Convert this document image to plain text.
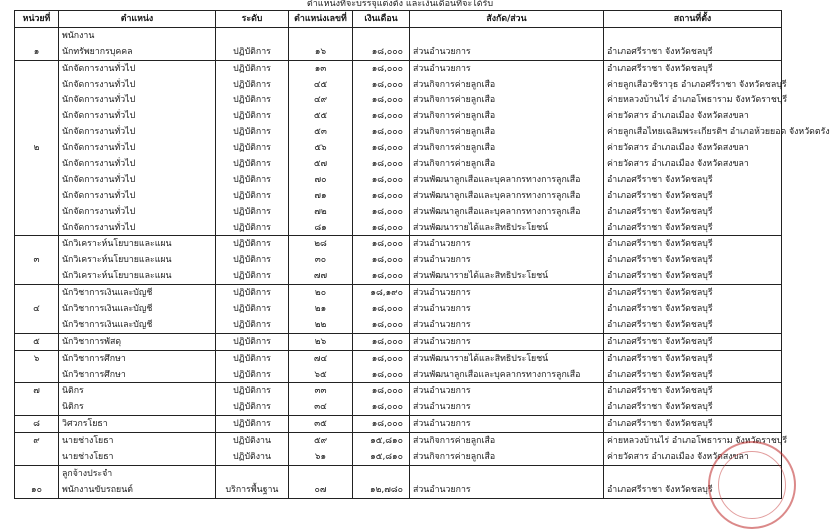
ตำแหน่งที่จะบรรจุแต่งตั้ง และเงินเดือนที่จะได้รับ
หน่วยที่	ตำแหน่ง	ระดับ	ตำแหน่งเลขที่	เงินเดือน	สังกัด/ส่วน	สถานที่ตั้ง
	พนักงาน					
๑	นักทรัพยากรบุคคล	ปฏิบัติการ	๑๖	๑๘,๐๐๐	ส่วนอำนวยการ	อำเภอศรีราชา จังหวัดชลบุรี
	นักจัดการงานทั่วไป	ปฏิบัติการ	๑๓	๑๘,๐๐๐	ส่วนอำนวยการ	อำเภอศรีราชา จังหวัดชลบุรี
	นักจัดการงานทั่วไป	ปฏิบัติการ	๔๕	๑๘,๐๐๐	ส่วนกิจการค่ายลูกเสือ	ค่ายลูกเสือวชิราวุธ อำเภอศรีราชา จังหวัดชลบุรี
	นักจัดการงานทั่วไป	ปฏิบัติการ	๔๙	๑๘,๐๐๐	ส่วนกิจการค่ายลูกเสือ	ค่ายหลวงบ้านไร่ อำเภอโพธาราม จังหวัดราชบุรี
	นักจัดการงานทั่วไป	ปฏิบัติการ	๕๕	๑๘,๐๐๐	ส่วนกิจการค่ายลูกเสือ	ค่ายวัดสาร อำเภอเมือง จังหวัดสงขลา
	นักจัดการงานทั่วไป	ปฏิบัติการ	๕๓	๑๘,๐๐๐	ส่วนกิจการค่ายลูกเสือ	ค่ายลูกเสือไทยเฉลิมพระเกียรติฯ อำเภอห้วยยอด จังหวัดตรัง
๒	นักจัดการงานทั่วไป	ปฏิบัติการ	๕๖	๑๘,๐๐๐	ส่วนกิจการค่ายลูกเสือ	ค่ายวัดสาร อำเภอเมือง จังหวัดสงขลา
	นักจัดการงานทั่วไป	ปฏิบัติการ	๕๗	๑๘,๐๐๐	ส่วนกิจการค่ายลูกเสือ	ค่ายวัดสาร อำเภอเมือง จังหวัดสงขลา
	นักจัดการงานทั่วไป	ปฏิบัติการ	๗๐	๑๘,๐๐๐	ส่วนพัฒนาลูกเสือและบุคลากรทางการลูกเสือ	อำเภอศรีราชา จังหวัดชลบุรี
	นักจัดการงานทั่วไป	ปฏิบัติการ	๗๑	๑๘,๐๐๐	ส่วนพัฒนาลูกเสือและบุคลากรทางการลูกเสือ	อำเภอศรีราชา จังหวัดชลบุรี
	นักจัดการงานทั่วไป	ปฏิบัติการ	๗๒	๑๘,๐๐๐	ส่วนพัฒนาลูกเสือและบุคลากรทางการลูกเสือ	อำเภอศรีราชา จังหวัดชลบุรี
	นักจัดการงานทั่วไป	ปฏิบัติการ	๘๑	๑๘,๐๐๐	ส่วนพัฒนารายได้และสิทธิประโยชน์	อำเภอศรีราชา จังหวัดชลบุรี
	นักวิเคราะห์นโยบายและแผน	ปฏิบัติการ	๒๘	๑๘,๐๐๐	ส่วนอำนวยการ	อำเภอศรีราชา จังหวัดชลบุรี
๓	นักวิเคราะห์นโยบายและแผน	ปฏิบัติการ	๓๐	๑๘,๐๐๐	ส่วนอำนวยการ	อำเภอศรีราชา จังหวัดชลบุรี
	นักวิเคราะห์นโยบายและแผน	ปฏิบัติการ	๗๗	๑๘,๐๐๐	ส่วนพัฒนารายได้และสิทธิประโยชน์	อำเภอศรีราชา จังหวัดชลบุรี
	นักวิชาการเงินและบัญชี	ปฏิบัติการ	๒๐	๑๘,๑๙๐	ส่วนอำนวยการ	อำเภอศรีราชา จังหวัดชลบุรี
๔	นักวิชาการเงินและบัญชี	ปฏิบัติการ	๒๑	๑๘,๐๐๐	ส่วนอำนวยการ	อำเภอศรีราชา จังหวัดชลบุรี
	นักวิชาการเงินและบัญชี	ปฏิบัติการ	๒๒	๑๘,๐๐๐	ส่วนอำนวยการ	อำเภอศรีราชา จังหวัดชลบุรี
๕	นักวิชาการพัสดุ	ปฏิบัติการ	๒๖	๑๘,๐๐๐	ส่วนอำนวยการ	อำเภอศรีราชา จังหวัดชลบุรี
๖	นักวิชาการศึกษา	ปฏิบัติการ	๗๔	๑๘,๐๐๐	ส่วนพัฒนารายได้และสิทธิประโยชน์	อำเภอศรีราชา จังหวัดชลบุรี
	นักวิชาการศึกษา	ปฏิบัติการ	๖๕	๑๘,๐๐๐	ส่วนพัฒนาลูกเสือและบุคลากรทางการลูกเสือ	อำเภอศรีราชา จังหวัดชลบุรี
๗	นิติกร	ปฏิบัติการ	๓๓	๑๘,๐๐๐	ส่วนอำนวยการ	อำเภอศรีราชา จังหวัดชลบุรี
	นิติกร	ปฏิบัติการ	๓๔	๑๘,๐๐๐	ส่วนอำนวยการ	อำเภอศรีราชา จังหวัดชลบุรี
๘	วิศวกรโยธา	ปฏิบัติการ	๓๕	๑๘,๐๐๐	ส่วนอำนวยการ	อำเภอศรีราชา จังหวัดชลบุรี
๙	นายช่างโยธา	ปฏิบัติงาน	๕๙	๑๕,๘๑๐	ส่วนกิจการค่ายลูกเสือ	ค่ายหลวงบ้านไร่ อำเภอโพธาราม จังหวัดราชบุรี
	นายช่างโยธา	ปฏิบัติงาน	๖๑	๑๕,๘๑๐	ส่วนกิจการค่ายลูกเสือ	ค่ายวัดสาร อำเภอเมือง จังหวัดสงขลา
	ลูกจ้างประจำ					
๑๐	พนักงานขับรถยนต์	บริการพื้นฐาน	๐๗	๑๒,๗๘๐	ส่วนอำนวยการ	อำเภอศรีราชา จังหวัดชลบุรี
